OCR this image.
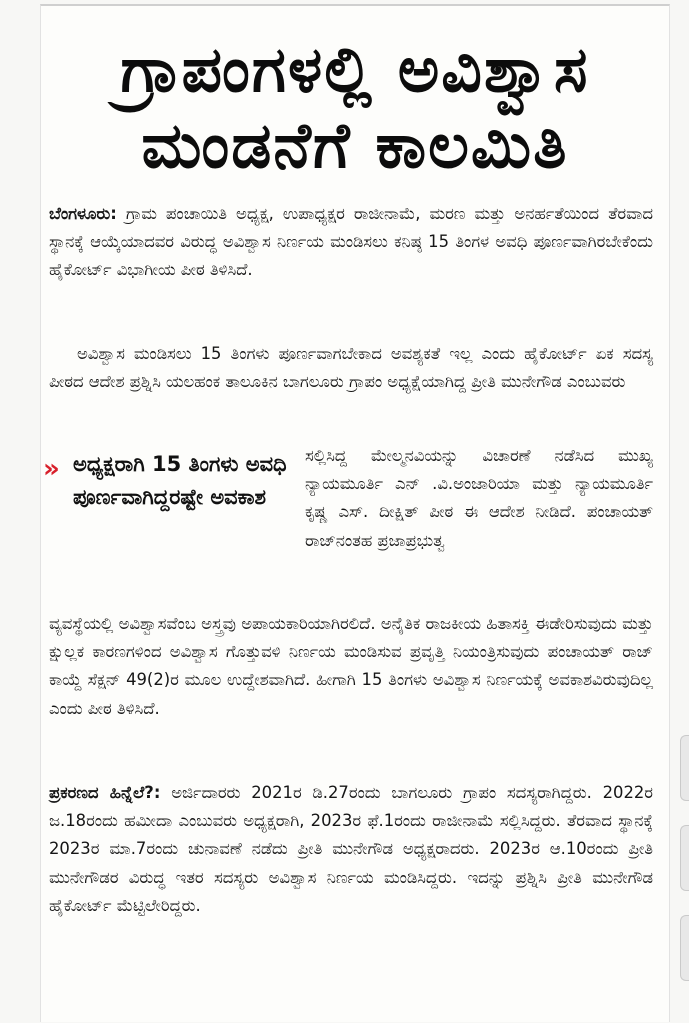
ಗ್ರಾಪಂಗಳಲ್ಲಿ ಅವಿಶ್ವಾಸ
ಮಂಡನೆಗೆ ಕಾಲಮಿತಿ

ಬೆಂಗಳೂರು: ಗ್ರಾಮ ಪಂಚಾಯಿತಿ ಅಧ್ಯಕ್ಷ, ಉಪಾಧ್ಯಕ್ಷರ ರಾಜೀನಾಮೆ, ಮರಣ ಮತ್ತು ಅನರ್ಹತೆಯಿಂದ ತೆರವಾದ ಸ್ಥಾನಕ್ಕೆ ಆಯ್ಕೆಯಾದವರ ವಿರುದ್ಧ ಅವಿಶ್ವಾಸ ನಿರ್ಣಯ ಮಂಡಿಸಲು ಕನಿಷ್ಠ 15 ತಿಂಗಳ ಅವಧಿ ಪೂರ್ಣವಾಗಿರಬೇಕೆಂದು ಹೈಕೋರ್ಟ್ ವಿಭಾಗೀಯ ಪೀಠ ತಿಳಿಸಿದೆ.

ಅವಿಶ್ವಾಸ ಮಂಡಿಸಲು 15 ತಿಂಗಳು ಪೂರ್ಣವಾಗಬೇಕಾದ ಅವಶ್ಯಕತೆ ಇಲ್ಲ ಎಂದು ಹೈಕೋರ್ಟ್ ಏಕ ಸದಸ್ಯ ಪೀಠದ ಆದೇಶ ಪ್ರಶ್ನಿಸಿ ಯಲಹಂಕ ತಾಲೂಕಿನ ಬಾಗಲೂರು ಗ್ರಾಪಂ ಅಧ್ಯಕ್ಷೆಯಾಗಿದ್ದ ಪ್ರೀತಿ ಮುನೇಗೌಡ ಎಂಬುವರು

» ಅಧ್ಯಕ್ಷರಾಗಿ 15 ತಿಂಗಳು ಅವಧಿ ಪೂರ್ಣವಾಗಿದ್ದರಷ್ಟೇ ಅವಕಾಶ

ಸಲ್ಲಿಸಿದ್ದ ಮೇಲ್ಮನವಿಯನ್ನು ವಿಚಾರಣೆ ನಡೆಸಿದ ಮುಖ್ಯ ನ್ಯಾಯಮೂರ್ತಿ ಎನ್ .ವಿ.ಅಂಜಾರಿಯಾ ಮತ್ತು ನ್ಯಾಯಮೂರ್ತಿ ಕೃಷ್ಣ ಎಸ್. ದೀಕ್ಷಿತ್ ಪೀಠ ಈ ಆದೇಶ ನೀಡಿದೆ. ಪಂಚಾಯತ್ ರಾಜ್‌ನಂತಹ ಪ್ರಜಾಪ್ರಭುತ್ವ

ವ್ಯವಸ್ಥೆಯಲ್ಲಿ ಅವಿಶ್ವಾಸವೆಂಬ ಅಸ್ತ್ರವು ಅಪಾಯಕಾರಿಯಾಗಿರಲಿದೆ. ಅನೈತಿಕ ರಾಜಕೀಯ ಹಿತಾಸಕ್ತಿ ಈಡೇರಿಸುವುದು ಮತ್ತು ಕ್ಷುಲ್ಲಕ ಕಾರಣಗಳಿಂದ ಅವಿಶ್ವಾಸ ಗೊತ್ತುವಳಿ ನಿರ್ಣಯ ಮಂಡಿಸುವ ಪ್ರವೃತ್ತಿ ನಿಯಂತ್ರಿಸುವುದು ಪಂಚಾಯತ್ ರಾಜ್ ಕಾಯ್ದೆ ಸೆಕ್ಷನ್ 49(2)ರ ಮೂಲ ಉದ್ದೇಶವಾಗಿದೆ. ಹೀಗಾಗಿ 15 ತಿಂಗಳು ಅವಿಶ್ವಾಸ ನಿರ್ಣಯಕ್ಕೆ ಅವಕಾಶವಿರುವುದಿಲ್ಲ ಎಂದು ಪೀಠ ತಿಳಿಸಿದೆ.

ಪ್ರಕರಣದ ಹಿನ್ನೆಲೆ?: ಅರ್ಜಿದಾರರು 2021ರ ಡಿ.27ರಂದು ಬಾಗಲೂರು ಗ್ರಾಪಂ ಸದಸ್ಯರಾಗಿದ್ದರು. 2022ರ ಜ.18ರಂದು ಹಮೀದಾ ಎಂಬುವರು ಅಧ್ಯಕ್ಷರಾಗಿ, 2023ರ ಫೆ.1ರಂದು ರಾಜೀನಾಮೆ ಸಲ್ಲಿಸಿದ್ದರು. ತೆರವಾದ ಸ್ಥಾನಕ್ಕೆ 2023ರ ಮಾ.7ರಂದು ಚುನಾವಣೆ ನಡೆದು ಪ್ರೀತಿ ಮುನೇಗೌಡ ಅಧ್ಯಕ್ಷರಾದರು. 2023ರ ಆ.10ರಂದು ಪ್ರೀತಿ ಮುನೇಗೌಡರ ವಿರುದ್ಧ ಇತರ ಸದಸ್ಯರು ಅವಿಶ್ವಾಸ ನಿರ್ಣಯ ಮಂಡಿಸಿದ್ದರು. ಇದನ್ನು ಪ್ರಶ್ನಿಸಿ ಪ್ರೀತಿ ಮುನೇಗೌಡ ಹೈಕೋರ್ಟ್ ಮೆಟ್ಟಿಲೇರಿದ್ದರು.
